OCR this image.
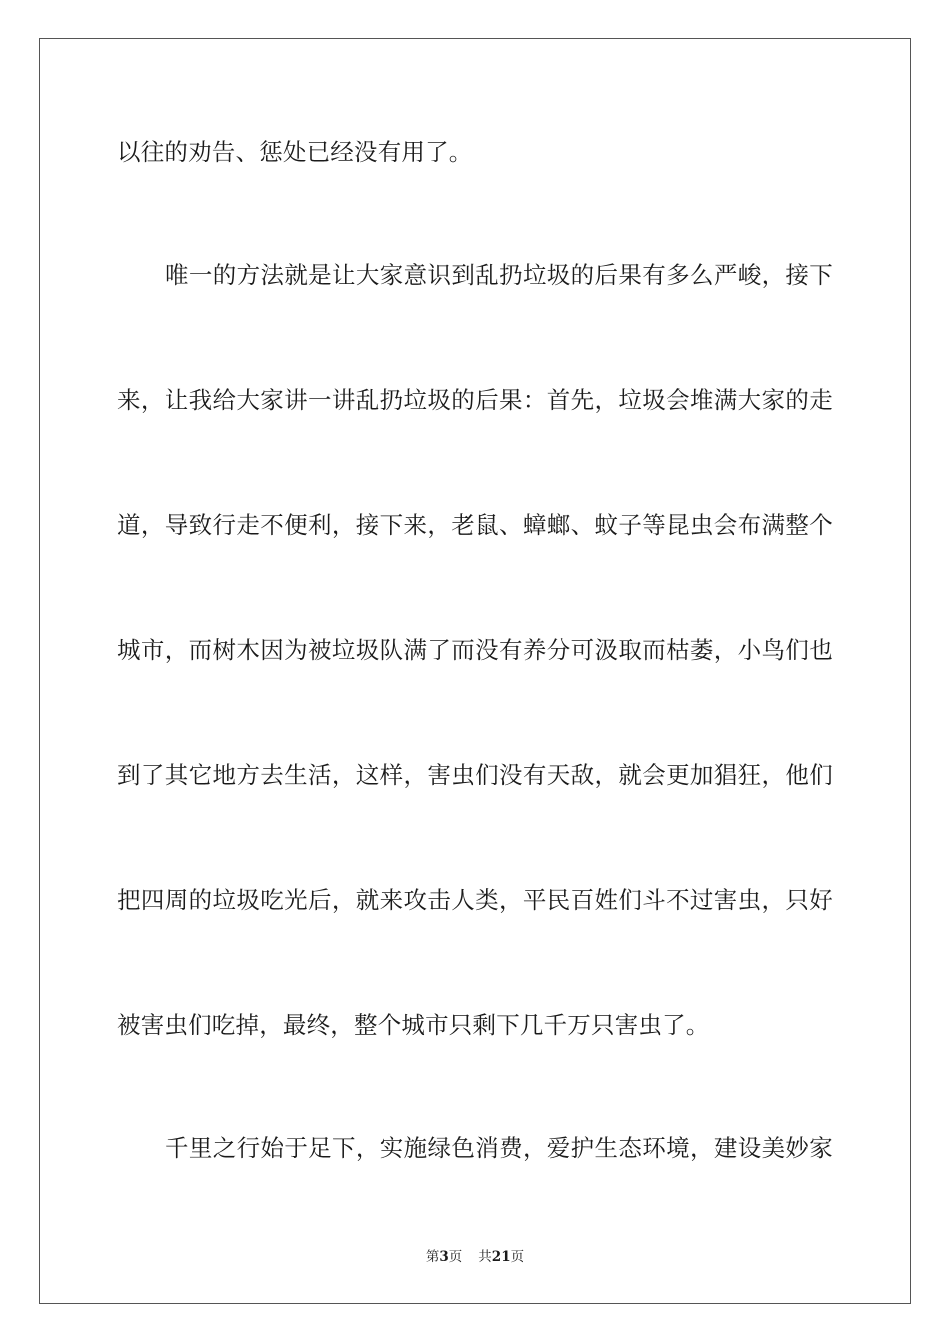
以往的劝告、惩处已经没有用了。
唯一的方法就是让大家意识到乱扔垃圾的后果有多么严峻，接下
来，让我给大家讲一讲乱扔垃圾的后果：首先，垃圾会堆满大家的走
道，导致行走不便利，接下来，老鼠、蟑螂、蚊子等昆虫会布满整个
城市，而树木因为被垃圾队满了而没有养分可汲取而枯萎，小鸟们也
到了其它地方去生活，这样，害虫们没有天敌，就会更加猖狂，他们
把四周的垃圾吃光后，就来攻击人类，平民百姓们斗不过害虫，只好
被害虫们吃掉，最终，整个城市只剩下几千万只害虫了。
千里之行始于足下，实施绿色消费，爱护生态环境，建设美妙家
第3页 共21页
